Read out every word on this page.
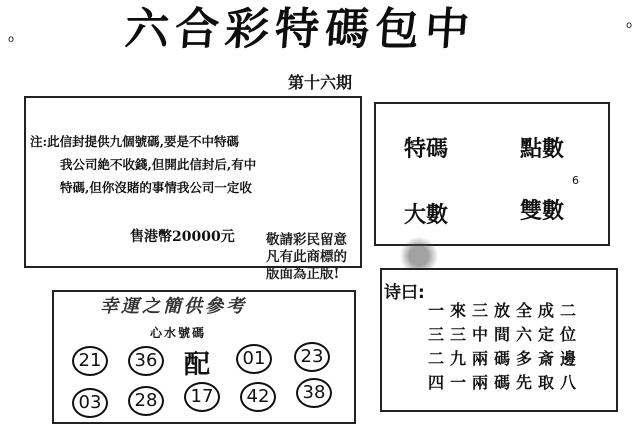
六合彩特碼包中
o
o
第十六期
注:此信封提供九個號碼,要是不中特碼
我公司絶不收錢,但開此信封后,有中
特碼,但你沒賭的事情我公司一定收
售港幣20000元
特碼	點數
大數	雙數
6
敬請彩民留意
凡有此商標的
版面為正版!
幸運之簡供參考
心水號碼
配
21	36	01	23
03	28	17	42	38
诗曰:
一來三放全成二
三三中間六定位
二九兩碼多斎邊
四一兩碼先取八
